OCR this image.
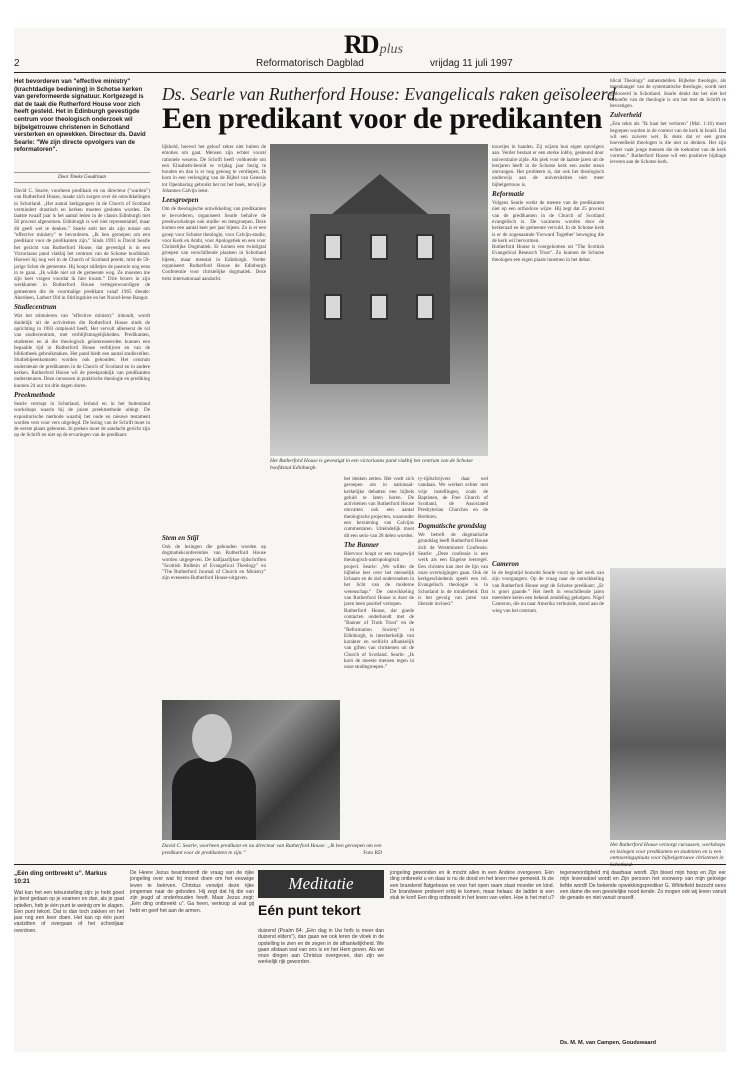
RD plus
2	Reformatorisch Dagblad	vrijdag 11 juli 1997
Het bevorderen van "effective ministry" (krachtdadige bediening) in Schotse kerken van gereformeerde signatuur. Kortgezegd is dat de taak die Rutherford House voor zich heeft gesteld. Het in Edinburgh gevestigde centrum voor theologisch onderzoek wil bijbelgetrouwe christenen in Schotland versterken en opwekken. Directeur ds. David Searle: "We zijn directe opvolgers van de reformatoren".
Door Tineke Goudriaan

David C. Searle, voorheen predikant en nu directeur ("warden") van Rutherford House, maakt zich zorgen over de ontwikkelingen in Schotland. „Het aantal kerkgangers in de Church of Scotland vermindert drastisch en kerken moeten gesloten worden. De laatste twaalf jaar is het aantal leden in de classis Edinburgh met 50 procent afgenomen. Edinburgh is wel niet representatief, maar dit geeft wel te denken.” Searle stelt het als zijn missie om "effective ministry" te bevorderen. „Ik ben geroepen om een predikant voor de predikanten zijn.” Sinds 1993 is David Searle het gezicht van Rutherford House, dat gevestigd is in een Victoriaans pand vlakbij het centrum van de Schotse hoofdstad. Hoewel hij nog wel in de Church of Scotland preekt, mist de 59-jarige Schot de gemeente. Hij hoopt stilletjes de pastorie nog eens in te gaan. „Ik wilde niet uit de gemeente weg. Ze moesten me zijn keer vragen voordat ik hier kwam.” Drie broers in zijn werkkamer in Rutherford House vertegenwoordigen de gemeenten die de voormalige predikant vanaf 1965 diende: Aberdeen, Larbert Old in Stirlingshire en het Noord-Ierse Bangor.

Studiecentrum

Wat het stimuleren van "effective ministry" inhoudt, wordt duidelijk uit de activiteiten die Rutherford House sinds de oprichting in 1983 ontplooid heeft. Het vervult allereerst de rol van studiecentrum, met verblijfsmogelijkheden. Predikanten, studenten en al die theologisch geïnteresseerden kunnen een bepaalde tijd in Rutherford House verblijven en van de bibliotheek gebruikmaken. Het pand biedt een aantal studiecellen. Studiebijeenkomsten worden ook gehouden. Het centrum ondersteunt de predikanten in de Church of Scotland en in andere kerken. Rutherford House wil de preekpraktijk van predikanten ondersteunen. Deze cursussen in praktische theologie en prediking kunnen 24 uur tot drie dagen duren.

Preekmethode

Searle vertrapt in Schotland, Ierland en in het buitenland workshops waarin hij de juiste preekmethode uitlegt. De expositorische methode waarbij het oude en nieuwe testament worden vers voor vers uitgelegd. De lezing van de Schrift moet in de eerste plaats gebeuren. In preken moet de aandacht gericht zijn op de Schrift en niet op de ervaringen van de predikant.

Ds. Searle van Rutherford House: Evangelicals raken geïsoleerd
Een predikant voor de predikanten

lijkheid, hoewel het geloof zeker niet buiten de emoties om gaat. Mensen zijn echter vooral rationele wezens. De Schrift heeft voldoende om een Elisabeth-bereid te vrijdag jaar bezig te houden en dan is er nog genoeg te verdiepen. Ik kom in een verlenging van de Bijbel van Genesis tot Openbaring gebruikt het tot het boek, terwijl je Johannes Calvijn leest.

Leesgroepen

Om de theologische ontwikkeling van predikanten te bevorderen, organiseert Searle behalve de preekworkshops ook studie- en leesgroepen. Deze komen een aantal keer per jaar bijeen. Zo is er een groep voor Schotse theologie, voor Calvijn-studie, voor Kerk en Ambt, voor Apologetiek en een voor Christelijke Dogmatiek. Er komen een twintigtal groepen van verschillende plaatsen in Schotland bijeen, maar meestal in Edinburgh. Verder organiseert Rutherford House de Edinburgh Conferentie voor christelijke dogmatiek. Deze trekt internationaal aandacht.

Het Rutherford House is gevestigd in een victoriaans pand vlakbij het centrum van de Schotse hoofdstad Edinburgh.

touwtjes in handen. Zij wijzen hun eigen opvolgers aan. Verder bestaat er een sterke lobby, gesteund door universitaire zijde. Als plek voor de laatste jaren uit de leerjaren heeft in de Schotse kerk een ander steun ontvangen. Het probleem is, dat ook het theologisch onderwijs aan de universiteiten niet meer bijbelgetrouw is.

Reformatie

Volgens Searle werkt de meeste van de predikanten niet op een orthodoxe wijze. Hij zegt dat 25 procent van de predikanten in de Church of Scotland evangelisch is. De vacatures worden door de kerkeraad en de gemeente vervuld. In de Schotse kerk is er de zogenaamde 'Forward Together' beweging die de kerk wil hervormen.

Rutherford House is voorgekomen uit "The Scottish Evangelical Research Trust". Zo kunnen de Schotse theologen een eigen plaats innemen in het debat.

blical Theology" samenstelden. Bijbelse theologie, als tegenhanger van de systematische theologie, wordt niet gedoceerd in Schotland. Searle denkt dat het niet het behoefte van de theologie is om het met de Schrift te bevestigen.

Zuiverheid

„Een tekst als "Ik haat het verloren" (Mal. 1:16) moet begrepen worden in de context van de kerk in Israël. Dat wil een zuivere wet. Ik denk dat er een grote hoeveelheid theologen is die niet zo denken. Het zijn echter vaak jonge mensen die de toekomst van de kerk vormen.” Rutherford House wil een positieve bijdrage leveren aan de Schotse kerk.

Stem en Stijl

Ook de lezingen die gehouden worden op dogmatiekconferenties van Rutherford House worden uitgegeven. De halfjaarlijkse tijdschriften "Scottish Bulletin of Evangelical Theology" en "The Rutherford Journal of Church en Ministry" zijn eveneens Rutherford House-uitgaven.

bet denken zetten. Het voelt zich geroepen om in nationaal-kerkelijke debatten een bijbels geluid te laten horen. De activiteiten van Rutherford House omvatten ook een aantal theologische projecten, waaronder een herziening van Calvijns commentaren. Uiteindelijk moet dit een serie van 28 delen worden.

The Banner

Hiervoor hoopt er een toegewijd theologisch-antropologisch project. Searle: „We willen de bijbelse leer over het menselijk lichaam en de ziel onderzoeken in het licht van de moderne wetenschap.” De ontwikkeling van Rutherford House is door de jaren heen positief verlopen.

Rutherford House, dat goede contacten onderhoudt met de "Banner of Truth Trust" en de "Reformation Society" in Edinburgh, is interkerkelijk van karakter en wellicht afhankelijk van giften van christenen uit de Church of Scotland. Searle: „Ik kom de meeste mensen tegen in onze studiegroepen.”

ry-tijdschrijvers daar wel vandaan. We werken echter met vrije instellingen, zoals de Baptisten, de Free Church of Scotland, de Associated Presbyterian Churches en de Brethren.

Dogmatische grondslag

We betreft de dogmatische grondslag heeft Rutherford House zich de Westminster Confessie. Searle: „Deze confessie is een werk als een Engelse leerregel. Een christen kan met de lijn van onze overtuigingen gaan. Ook de kerkgeschiedenis speelt een rol. Evangelisch theologie is in Schotland in de minderheid. Dat is het gevolg van jaren van liberale invloed.”

David C. Searle, voorheen predikant en nu directeur van Rutherford House: „Ik ben geroepen om een predikant voor de predikanten te zijn.”	Foto RD
Cameron

In de begintijd bouwde Searle voort op het werk van zijn voorgangers. Op de vraag naar de ontwikkeling van Rutherford House zegt de Schotse predikant: „Er is groei gaande.” Het heeft in verschillende jaren meerdere keren een bekend zendeling geholpen. Nigel Cameron, die nu naar Amerika verhuisde, stond aan de wieg van het centrum.

Het Rutherford House verzorgt cursussen, workshops en lezingen voor predikanten en studenten en is een ontmoetingsplaats voor bijbelgetrouwe christenen in
„Eén ding ontbreekt u”. Markus 10:21

Wat kan het een teleurstelling zijn: je hebt goed je best gedaan op je examen en dan, als je gaat optellen, heb je één punt te weinig om te slagen. Een punt tekort. Dat is dan toch zakken en het jaar nog een keer doen. Het kan op één punt vastzitten of overgaan of het schooljaar overdoen.

De Heere Jezus beantwoordt de vraag van de rijke jongeling over wat hij moest doen om het eeuwige leven te beërven. Christus verwijst deze rijke jongeman naar de geboden. Hij zegt dat hij die van zijn jeugd af onderhouden heeft. Maar Jezus zegt: „Eén ding ontbreekt u”. Ga heen, verkoop al wat gij hebt en geef het aan de armen.

Meditatie
Eén punt tekort

duizend (Psalm 84: „Eén dag in Uw hofs is meer dan duizend elders”), dan gaan we ook leren de vloek in de opstelling te zien en de zegen in de afhankelijkheid. We gaan afstaan wat van ons is en het Hem geven. Als we onze dingen aan Christus overgeven, dan zijn we werkelijk rijk geworden.

jongeling gewonden en ik mocht alles in een Andere overgeven. Eén ding ontbreekt u en daar is nu de dood en het leven mee gemoeid. Ik zie een brandend flatgebouw en voor het open raam staat moeder en kind. De brandweer probeert erbij te komen, maar helaas: de ladder is een stuk te kort! Een ding ontbreekt in het leven van velen. Hoe is het met u?

tegenwoordigheid mij daarbaar wordt. Zijn bloed mijn hoop en Zijn eer mijn levensdoel wordt en Zijn persoon het voorwerp van mijn gelovige liefde wordt! De bekende opwekkingsprediker G. Whitefield bezocht eens een dame die een geestelijke nood kende. Zo mogen ook wij leven vanuit de genade en niet vanuit onszelf.

Ds. M. M. van Campen, Goudswaard
